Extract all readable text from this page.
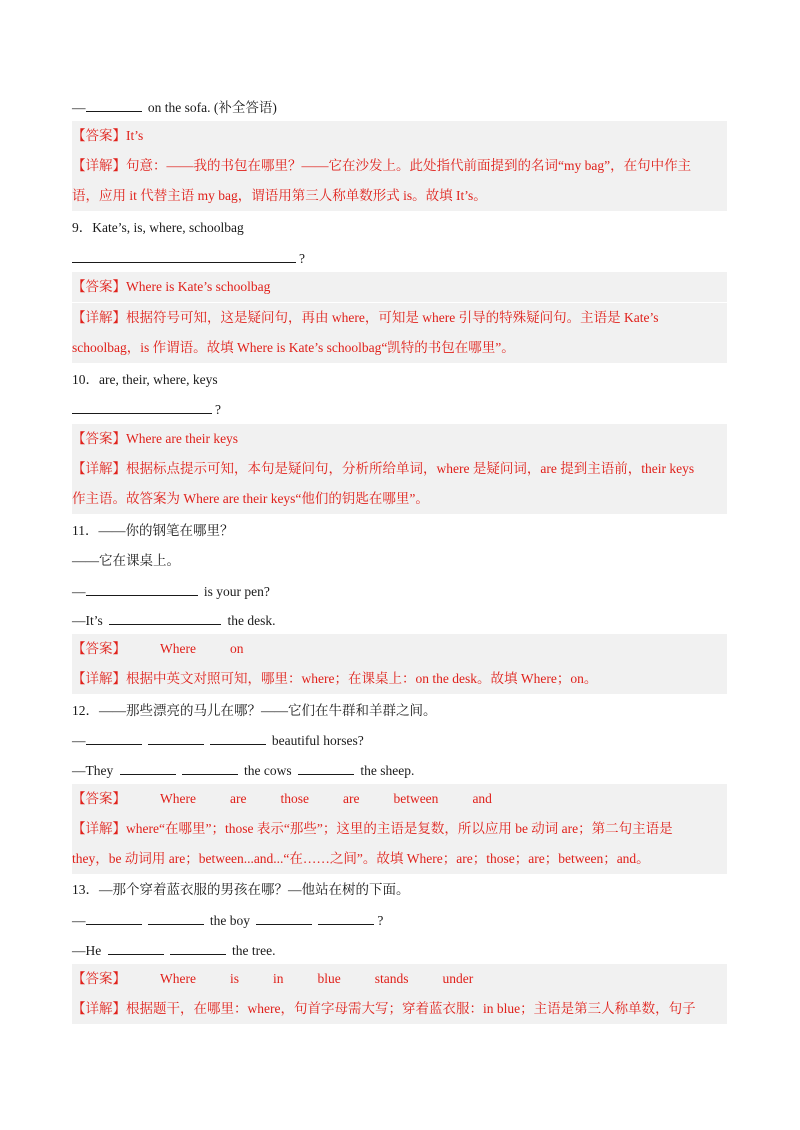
—	on the sofa. (补全答语)
【答案】It’s
【详解】句意：——我的书包在哪里？——它在沙发上。此处指代前面提到的名词“my bag”，在句中作主
语，应用 it 代替主语 my bag，谓语用第三人称单数形式 is。故填 It’s。
9．Kate’s, is, where, schoolbag
?
【答案】Where is Kate’s schoolbag
【详解】根据符号可知，这是疑问句，再由 where，可知是 where 引导的特殊疑问句。主语是 Kate’s
schoolbag，is 作谓语。故填 Where is Kate’s schoolbag“凯特的书包在哪里”。
10．are, their, where, keys
?
【答案】Where are their keys
【详解】根据标点提示可知，本句是疑问句，分析所给单词，where 是疑问词，are 提到主语前，their keys
作主语。故答案为 Where are their keys“他们的钥匙在哪里”。
11．——你的钢笔在哪里？
——它在课桌上。
—	is your pen?
—It’s	the desk.
【答案】	Where	on
【详解】根据中英文对照可知，哪里：where；在课桌上：on the desk。故填 Where；on。
12．——那些漂亮的马儿在哪？——它们在牛群和羊群之间。
—	beautiful horses?
—They	the cows	the sheep.
【答案】	Where	are	those	are	between	and
【详解】where“在哪里”；those 表示“那些”；这里的主语是复数，所以应用 be 动词 are；第二句主语是
they，be 动词用 are；between...and...“在……之间”。故填 Where；are；those；are；between；and。
13．—那个穿着蓝衣服的男孩在哪？—他站在树的下面。
—	the boy	?
—He	the tree.
【答案】	Where	is	in	blue	stands	under
【详解】根据题干，在哪里：where，句首字母需大写；穿着蓝衣服：in blue；主语是第三人称单数，句子
